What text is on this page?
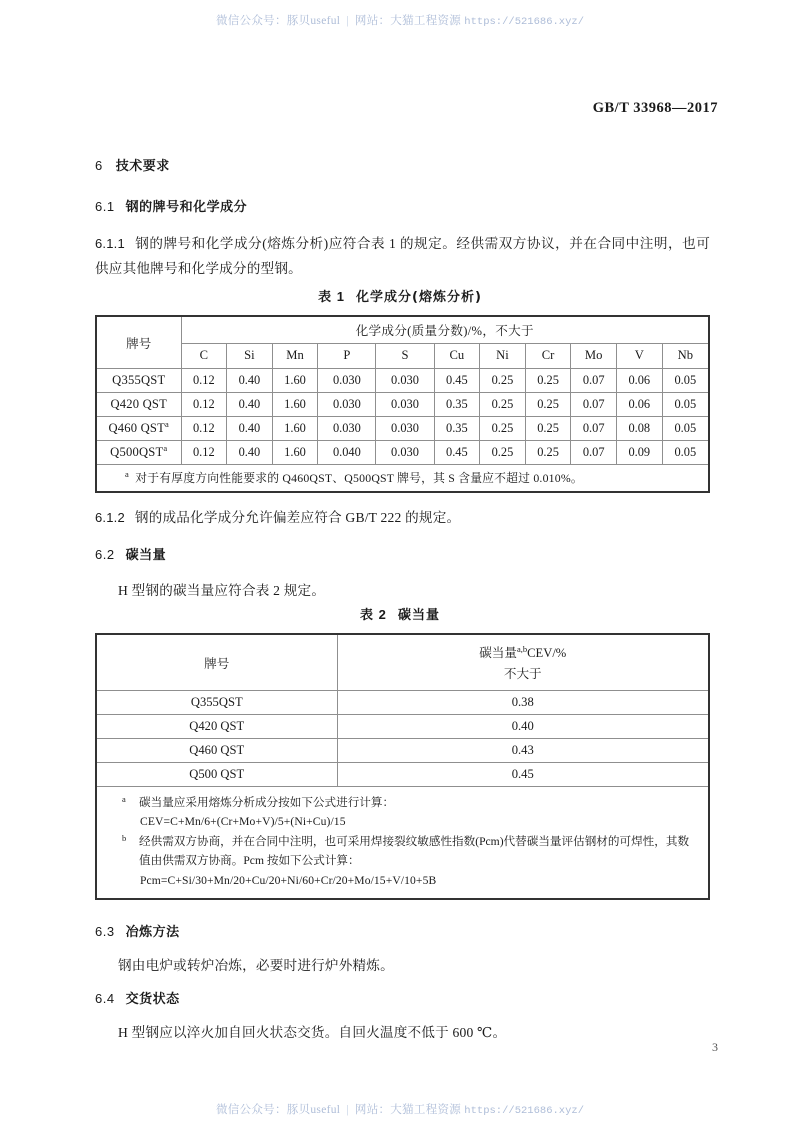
微信公众号：豚贝useful | 网站：大猫工程资源 https://521686.xyz/
GB/T 33968—2017
6 技术要求
6.1 钢的牌号和化学成分
6.1.1 钢的牌号和化学成分(熔炼分析)应符合表 1 的规定。经供需双方协议，并在合同中注明，也可供应其他牌号和化学成分的型钢。
表 1 化学成分(熔炼分析)
牌号	化学成分(质量分数)/%，不大于										
	C	Si	Mn	P	S	Cu	Ni	Cr	Mo	V	Nb
Q355QST	0.12	0.40	1.60	0.030	0.030	0.45	0.25	0.25	0.07	0.06	0.05
Q420 QST	0.12	0.40	1.60	0.030	0.030	0.35	0.25	0.25	0.07	0.06	0.05
Q460 QST$^a$	0.12	0.40	1.60	0.030	0.030	0.35	0.25	0.25	0.07	0.08	0.05
Q500QST$^a$	0.12	0.40	1.60	0.040	0.030	0.45	0.25	0.25	0.07	0.09	0.05
$^a$ 对于有厚度方向性能要求的 Q460QST、Q500QST 牌号，其 S 含量应不超过 0.010%。											
6.1.2 钢的成品化学成分允许偏差应符合 GB/T 222 的规定。
6.2 碳当量
H 型钢的碳当量应符合表 2 规定。
表 2 碳当量
牌号	碳当量$^{a,b}$CEV/%
不大于
Q355QST	0.38
Q420 QST	0.40
Q460 QST	0.43
Q500 QST	0.45

a 碳当量应采用熔炼分析成分按如下公式进行计算：
CEV=C+Mn/6+(Cr+Mo+V)/5+(Ni+Cu)/15
b 经供需双方协商，并在合同中注明，也可采用焊接裂纹敏感性指数(Pcm)代替碳当量评估钢材的可焊性，其数值由供需双方协商。Pcm 按如下公式计算：
Pcm=C+Si/30+Mn/20+Cu/20+Ni/60+Cr/20+Mo/15+V/10+5B
6.3 冶炼方法
钢由电炉或转炉冶炼，必要时进行炉外精炼。
6.4 交货状态
H 型钢应以淬火加自回火状态交货。自回火温度不低于 600 ℃。
3
微信公众号：豚贝useful | 网站：大猫工程资源 https://521686.xyz/
